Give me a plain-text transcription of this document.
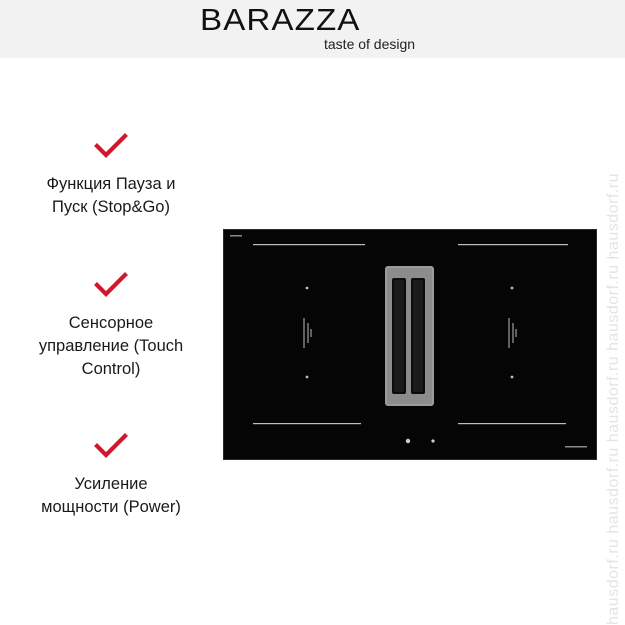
BARAZZA
taste of design
Функция Пауза и
Пуск (Stop&Go)
Сенсорное
управление (Touch
Control)
Усиление
мощности (Power)	hausdorf.ru hausdorf.ru hausdorf.ru hausdorf.ru hausdorf.ru
